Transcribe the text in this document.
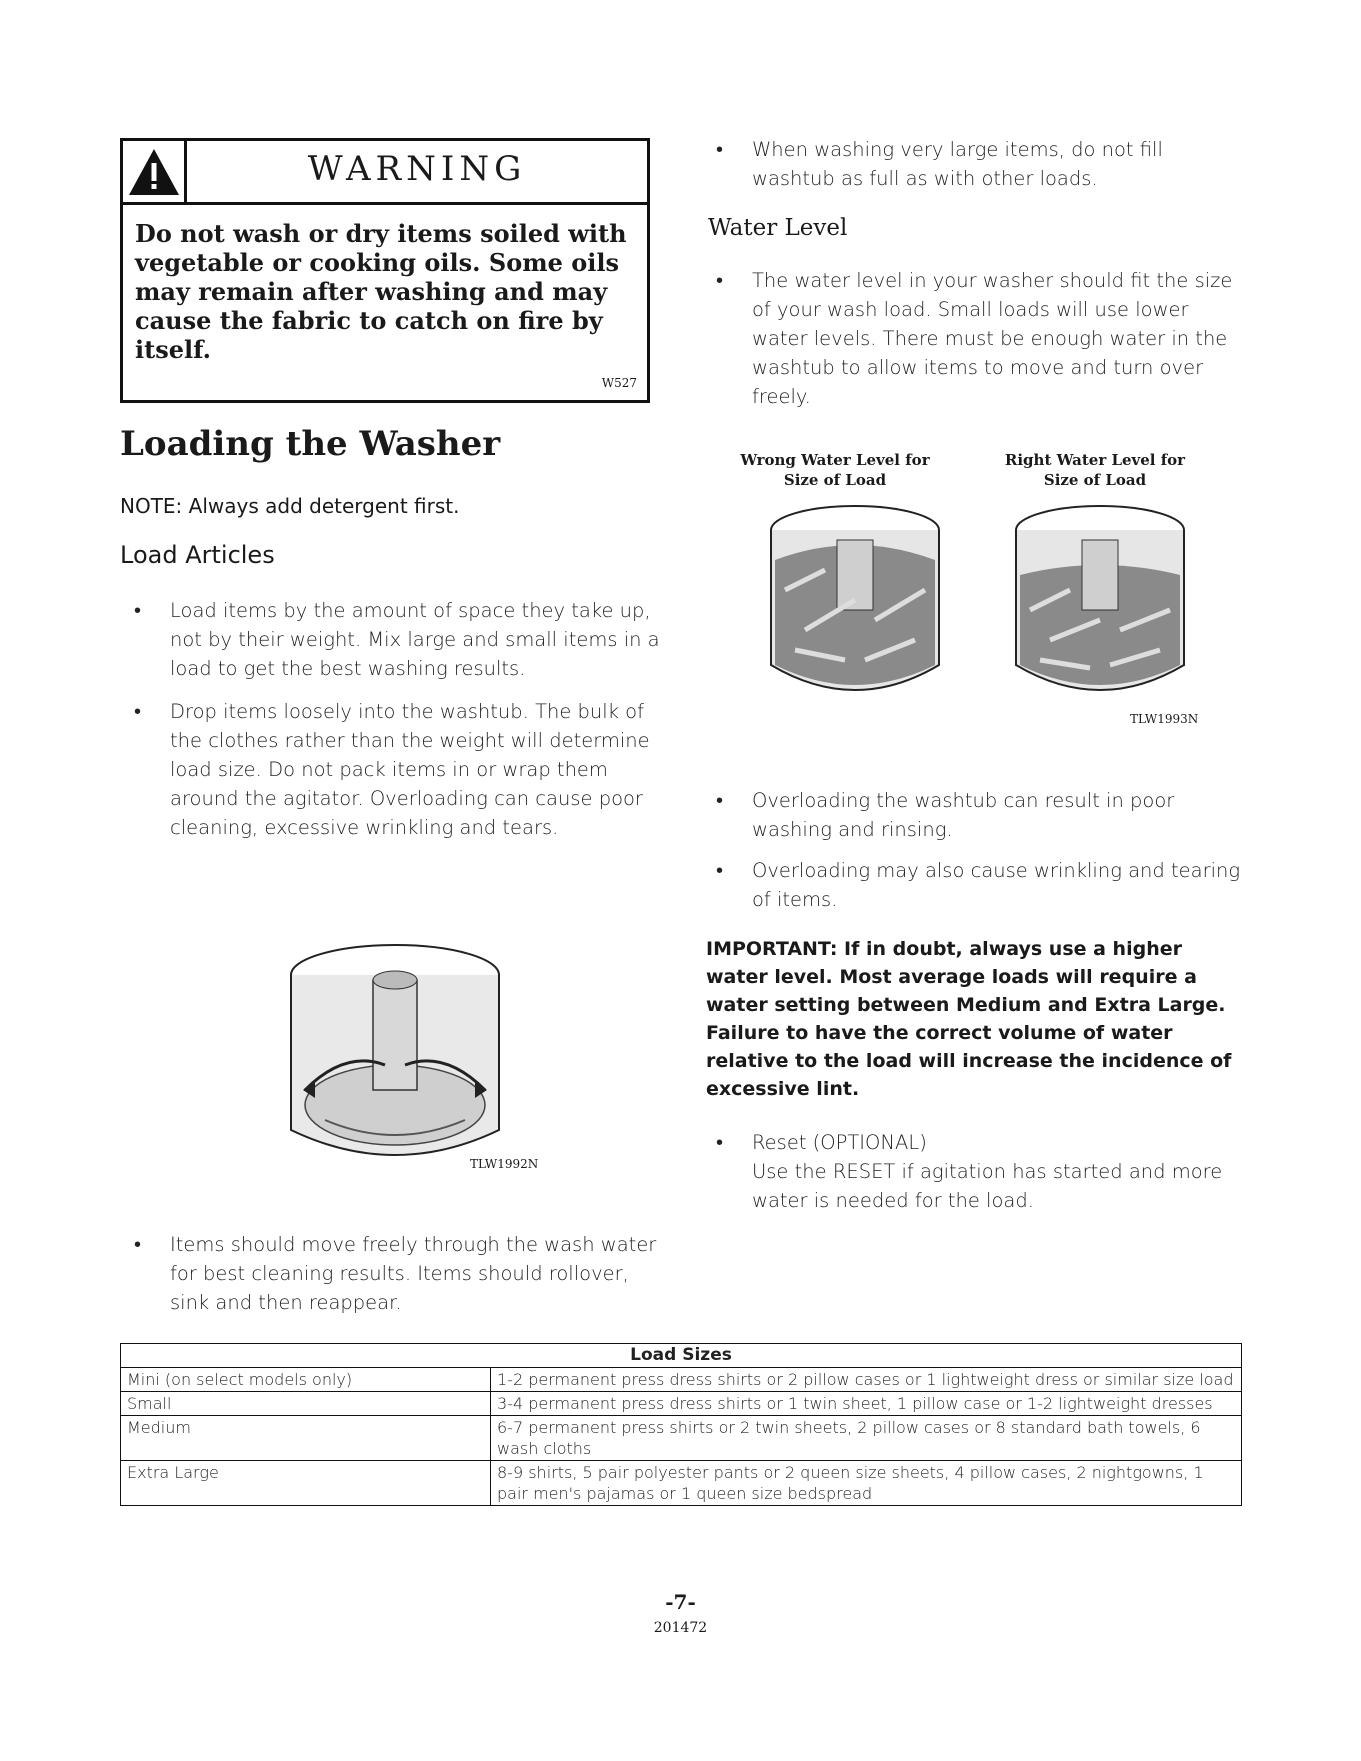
WARNING
Do not wash or dry items soiled with vegetable or cooking oils. Some oils may remain after washing and may cause the fabric to catch on fire by itself.
W527
Loading the Washer
NOTE: Always add detergent first.
Load Articles
• Load items by the amount of space they take up, not by their weight. Mix large and small items in a load to get the best washing results.
• Drop items loosely into the washtub. The bulk of the clothes rather than the weight will determine load size. Do not pack items in or wrap them around the agitator. Overloading can cause poor cleaning, excessive wrinkling and tears.
TLW1992N
• Items should move freely through the wash water for best cleaning results. Items should rollover, sink and then reappear.
• When washing very large items, do not fill washtub as full as with other loads.
Water Level
• The water level in your washer should fit the size of your wash load. Small loads will use lower water levels. There must be enough water in the washtub to allow items to move and turn over freely.
Wrong Water Level for Size of Load
Right Water Level for Size of Load
TLW1993N
• Overloading the washtub can result in poor washing and rinsing.
• Overloading may also cause wrinkling and tearing of items.
IMPORTANT: If in doubt, always use a higher water level. Most average loads will require a water setting between Medium and Extra Large. Failure to have the correct volume of water relative to the load will increase the incidence of excessive lint.
• Reset (OPTIONAL)
Use the RESET if agitation has started and more water is needed for the load.
Load Sizes	
Mini (on select models only)	1-2 permanent press dress shirts or 2 pillow cases or 1 lightweight dress or similar size load
Small	3-4 permanent press dress shirts or 1 twin sheet, 1 pillow case or 1-2 lightweight dresses
Medium	6-7 permanent press shirts or 2 twin sheets, 2 pillow cases or 8 standard bath towels, 6 wash cloths
Extra Large	8-9 shirts, 5 pair polyester pants or 2 queen size sheets, 4 pillow cases, 2 nightgowns, 1 pair men's pajamas or 1 queen size bedspread
-7-
201472
